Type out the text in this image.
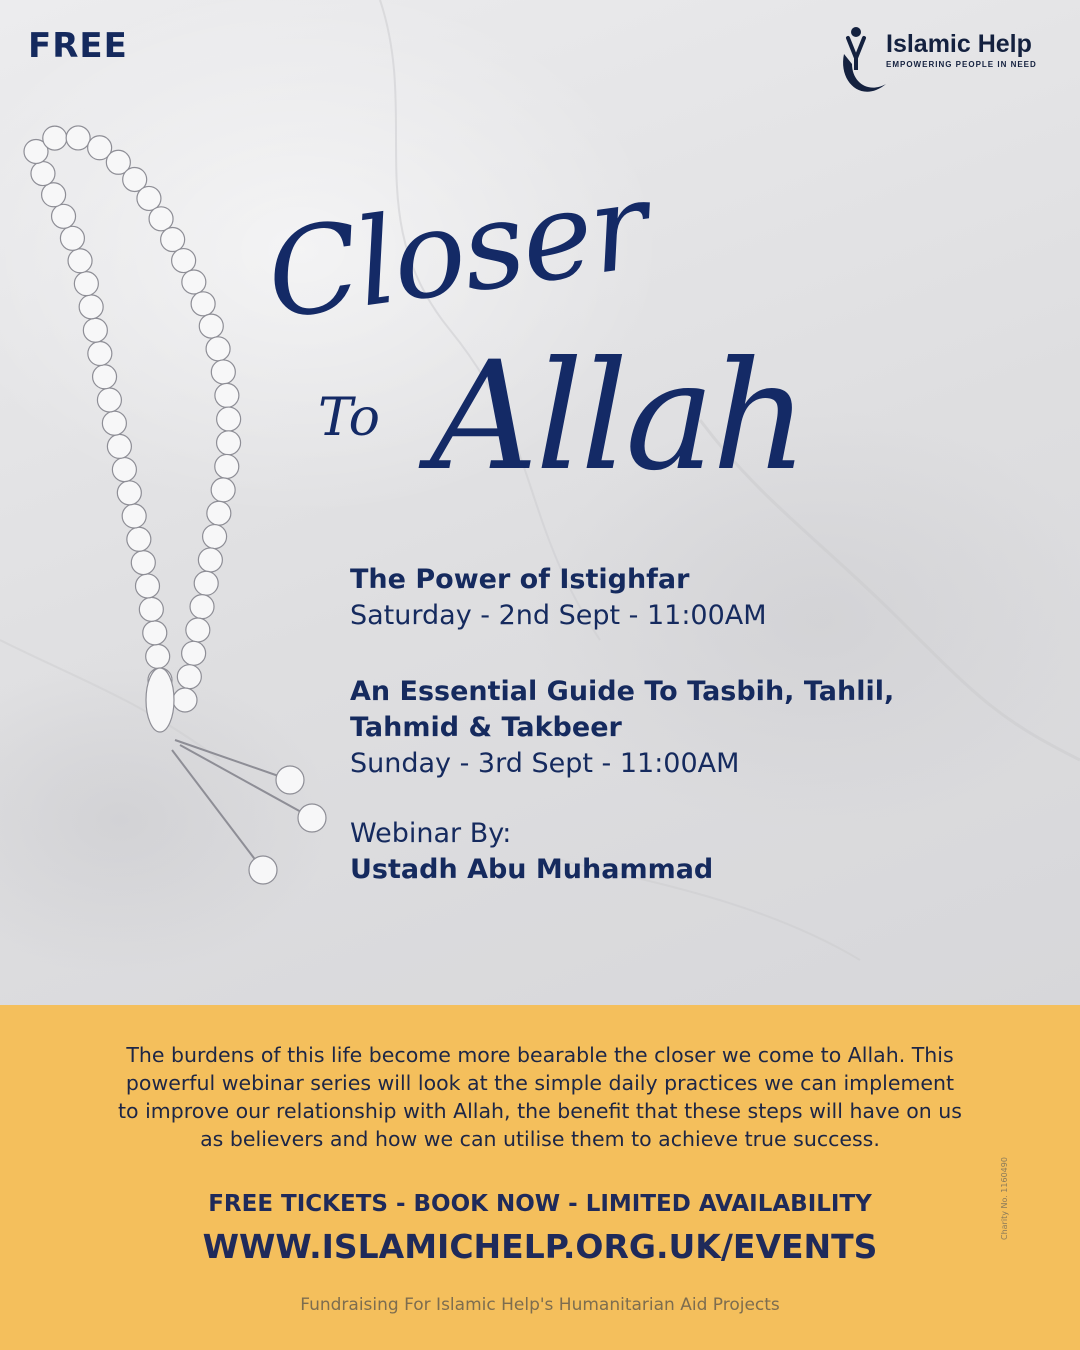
FREE	Islamic Help
EMPOWERING PEOPLE IN NEED
Closer
To Allah
The Power of Istighfar
Saturday - 2nd Sept - 11:00AM
An Essential Guide To Tasbih, Tahlil,
Tahmid & Takbeer
Sunday - 3rd Sept - 11:00AM
Webinar By:
Ustadh Abu Muhammad
The burdens of this life become more bearable the closer we come to Allah. This
powerful webinar series will look at the simple daily practices we can implement
to improve our relationship with Allah, the benefit that these steps will have on us
as believers and how we can utilise them to achieve true success.
FREE TICKETS - BOOK NOW - LIMITED AVAILABILITY
WWW.ISLAMICHELP.ORG.UK/EVENTS
Fundraising For Islamic Help's Humanitarian Aid Projects
Charity No. 1160490
